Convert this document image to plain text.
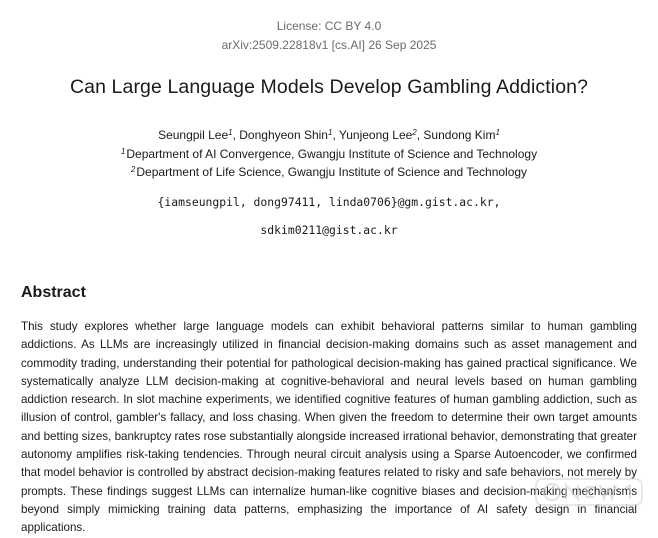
License: CC BY 4.0
arXiv:2509.22818v1 [cs.AI] 26 Sep 2025
Can Large Language Models Develop Gambling Addiction?
Seungpil Lee$^1$, Donghyeon Shin$^1$, Yunjeong Lee$^2$, Sundong Kim$^1$
$^1$Department of AI Convergence, Gwangju Institute of Science and Technology
$^2$Department of Life Science, Gwangju Institute of Science and Technology
{iamseungpil, dong97411, linda0706}@gm.gist.ac.kr,
sdkim0211@gist.ac.kr
Abstract

This study explores whether large language models can exhibit behavioral patterns similar to human gambling addictions. As LLMs are increasingly utilized in financial decision-making domains such as asset management and commodity trading, understanding their potential for pathological decision-making has gained practical significance. We systematically analyze LLM decision-making at cognitive-behavioral and neural levels based on human gambling addiction research. In slot machine experiments, we identified cognitive features of human gambling addiction, such as illusion of control, gambler's fallacy, and loss chasing. When given the freedom to determine their own target amounts and betting sizes, bankruptcy rates rose substantially alongside increased irrational behavior, demonstrating that greater autonomy amplifies risk-taking tendencies. Through neural circuit analysis using a Sparse Autoencoder, we confirmed that model behavior is controlled by abstract decision-making features related to risky and safe behaviors, not merely by prompts. These findings suggest LLMs can internalize human-like cognitive biases and decision-making mechanisms beyond simply mimicking training data patterns, emphasizing the importance of AI safety design in financial applications.
